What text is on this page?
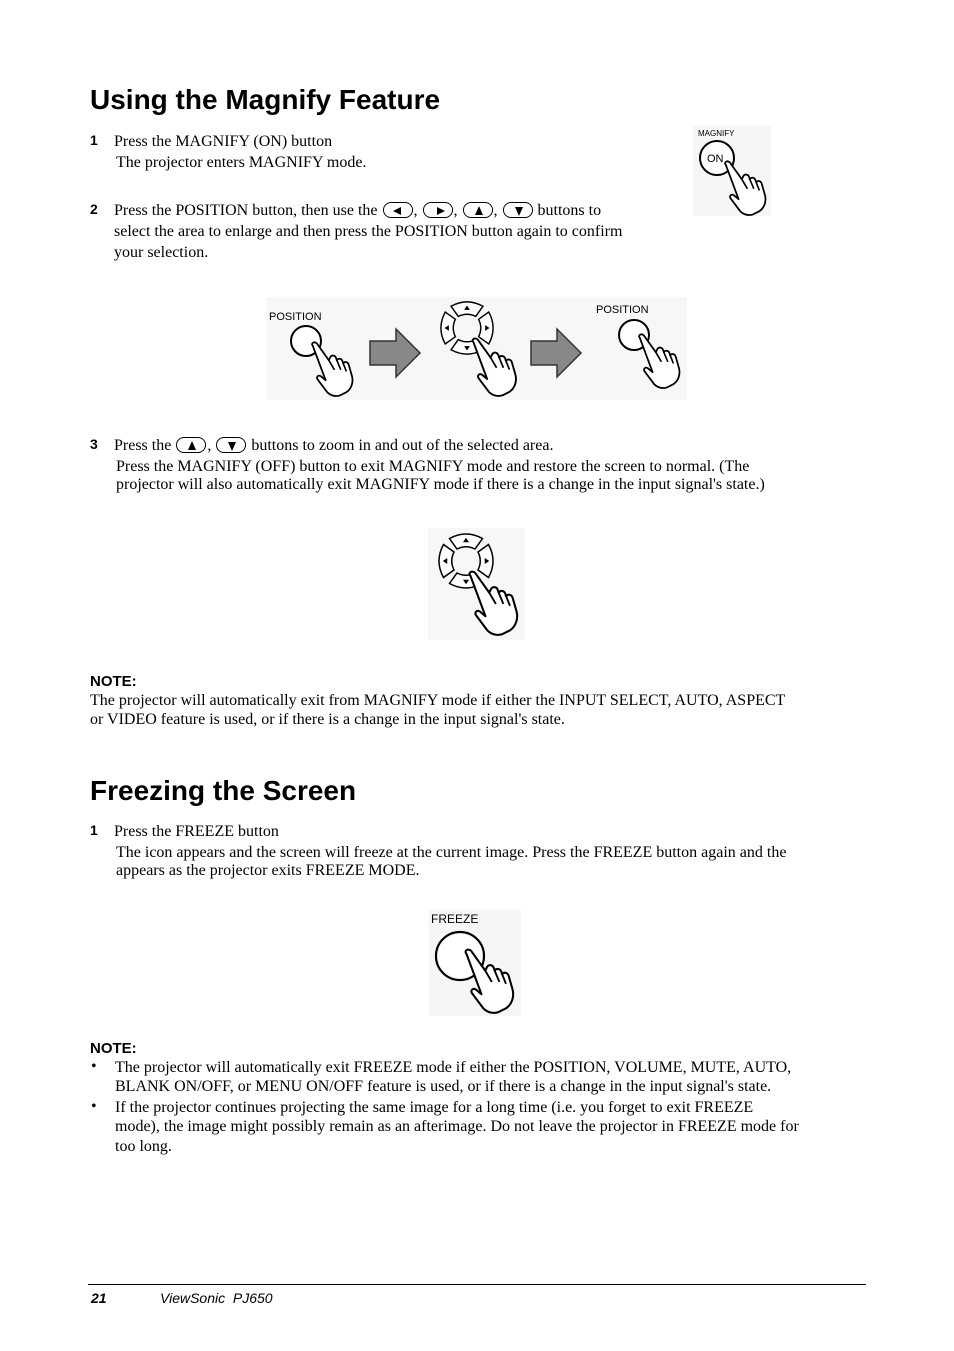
Using the Magnify Feature
1 Press the MAGNIFY (ON) button
The projector enters MAGNIFY mode.
MAGNIFY
ON
2 Press the POSITION button, then use the ,
,
,
buttons to
select the area to enlarge and then press the POSITION button again to confirm
your selection.
POSITION
POSITION
3 Press the ,
buttons to zoom in and out of the selected area.
Press the MAGNIFY (OFF) button to exit MAGNIFY mode and restore the screen to normal. (The
projector will also automatically exit MAGNIFY mode if there is a change in the input signal's state.)
NOTE:
The projector will automatically exit from MAGNIFY mode if either the INPUT SELECT, AUTO, ASPECT
or VIDEO feature is used, or if there is a change in the input signal's state.
Freezing the Screen
1 Press the FREEZE button
The icon appears and the screen will freeze at the current image. Press the FREEZE button again and the
appears as the projector exits FREEZE MODE.
FREEZE
NOTE:
• The projector will automatically exit FREEZE mode if either the POSITION, VOLUME, MUTE, AUTO,
BLANK ON/OFF, or MENU ON/OFF feature is used, or if there is a change in the input signal's state.
• If the projector continues projecting the same image for a long time (i.e. you forget to exit FREEZE
mode), the image might possibly remain as an afterimage. Do not leave the projector in FREEZE mode for
too long.
21	ViewSonic  PJ650
